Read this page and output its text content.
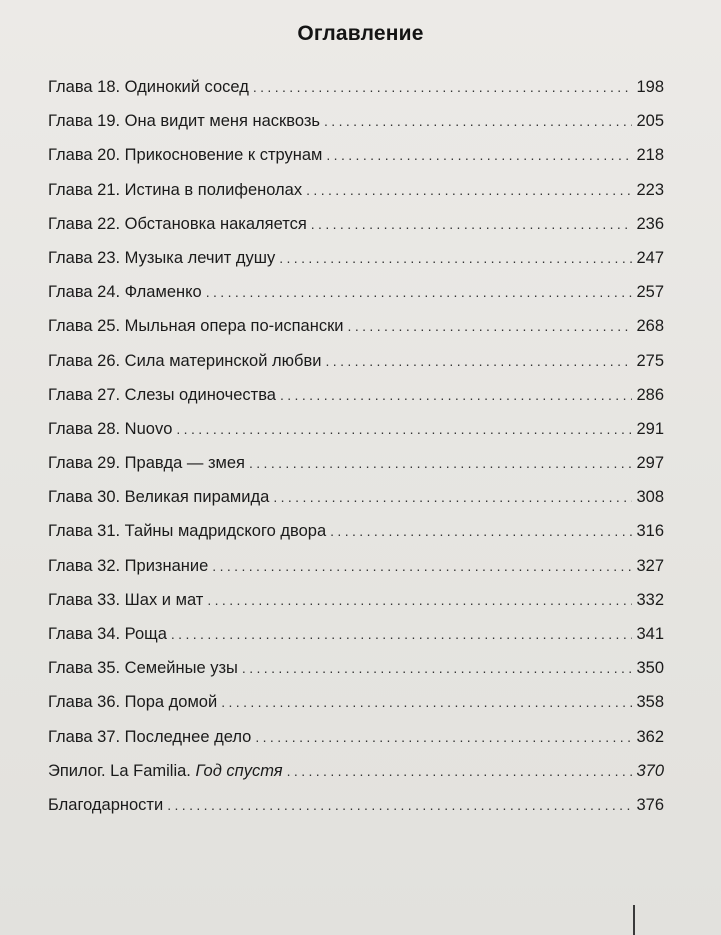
Оглавление
Глава 18. Одинокий сосед .....	198
Глава 19. Она видит меня насквозь .....	205
Глава 20. Прикосновение к струнам .....	218
Глава 21. Истина в полифенолах .....	223
Глава 22. Обстановка накаляется .....	236
Глава 23. Музыка лечит душу .....	247
Глава 24. Фламенко .....	257
Глава 25. Мыльная опера по-испански .....	268
Глава 26. Сила материнской любви .....	275
Глава 27. Слезы одиночества .....	286
Глава 28. Nuovo .....	291
Глава 29. Правда — змея .....	297
Глава 30. Великая пирамида .....	308
Глава 31. Тайны мадридского двора .....	316
Глава 32. Признание .....	327
Глава 33. Шах и мат .....	332
Глава 34. Роща .....	341
Глава 35. Семейные узы .....	350
Глава 36. Пора домой .....	358
Глава 37. Последнее дело .....	362
Эпилог. La Familia. Год спустя .....	370
Благодарности .....	376
